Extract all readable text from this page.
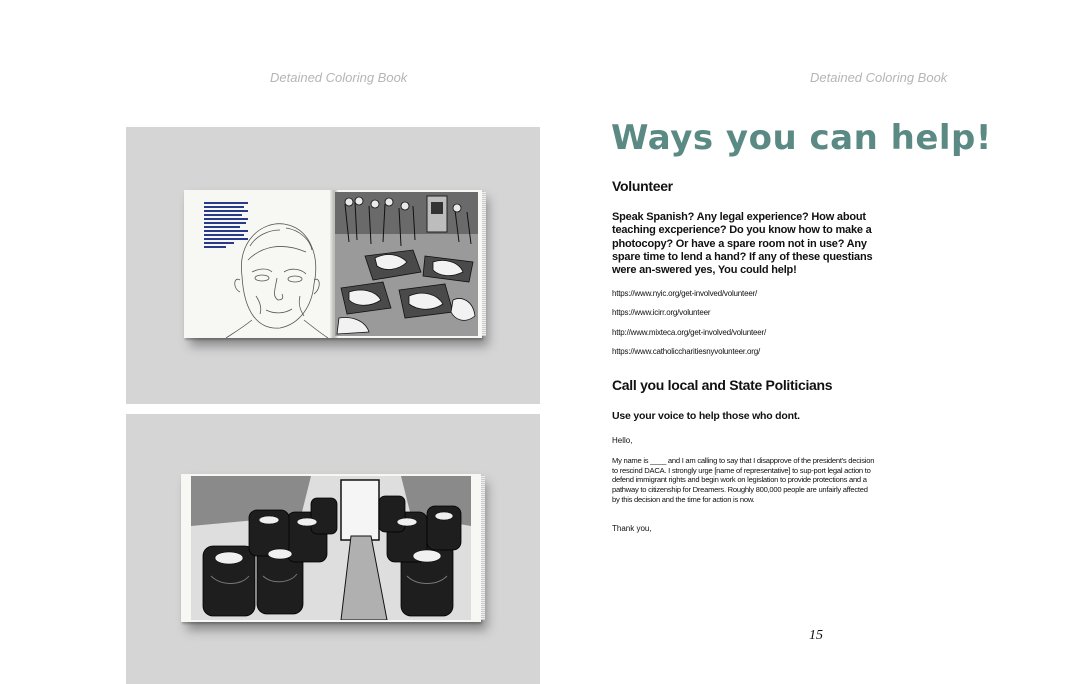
Detained Coloring Book	Detained Coloring Book
Ways you can help!
Volunteer
Speak Spanish? Any legal experience? How about teaching excperience? Do you know how to make a photocopy? Or have a spare room not in use? Any spare time to lend a hand? If any of these questians were an-swered yes, You could help!
https://www.nyic.org/get-involved/volunteer/
https://www.icirr.org/volunteer
http://www.mixteca.org/get-involved/volunteer/
https://www.catholiccharitiesnyvolunteer.org/
Call you local and State Politicians
Use your voice to help those who dont.
Hello,
My name is ____ and I am calling to say that I disapprove of the president's decision to rescind DACA. I strongly urge [name of representative] to sup-port legal action to defend immigrant rights and begin work on legislation to provide protections and a pathway to citizenship for Dreamers. Roughly 800,000 people are unfairly affected by this decision and the time for action is now.
Thank you,
15
